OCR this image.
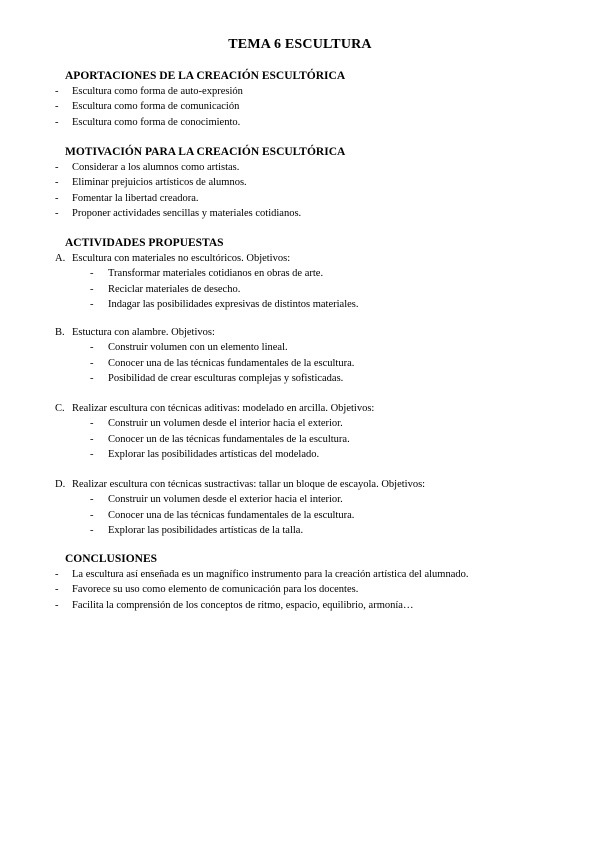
TEMA 6 ESCULTURA
APORTACIONES DE LA CREACIÓN ESCULTÓRICA
- Escultura como forma de auto-expresión
- Escultura como forma de comunicación
- Escultura como forma de conocimiento.
MOTIVACIÓN PARA LA CREACIÓN ESCULTÓRICA
- Considerar a los alumnos como artistas.
- Eliminar prejuicios artísticos de alumnos.
- Fomentar la libertad creadora.
- Proponer actividades sencillas y materiales cotidianos.
ACTIVIDADES PROPUESTAS
A. Escultura con materiales no escultóricos. Objetivos:
- Transformar materiales cotidianos en obras de arte.
- Reciclar materiales de desecho.
- Indagar las posibilidades expresivas de distintos materiales.
B. Estuctura con alambre. Objetivos:
- Construir volumen con un elemento lineal.
- Conocer una de las técnicas fundamentales de la escultura.
- Posibilidad de crear esculturas complejas y sofisticadas.
C. Realizar escultura con técnicas aditivas: modelado en arcilla. Objetivos:
- Construir un volumen desde el interior hacia el exterior.
- Conocer un de las técnicas fundamentales de la escultura.
- Explorar las posibilidades artísticas del modelado.
D. Realizar escultura con técnicas sustractivas: tallar un bloque de escayola. Objetivos:
- Construir un volumen desde el exterior hacia el interior.
- Conocer una de las técnicas fundamentales de la escultura.
- Explorar las posibilidades artísticas de la talla.
CONCLUSIONES
- La escultura así enseñada es un magnífico instrumento para la creación artística del alumnado.
- Favorece su uso como elemento de comunicación para los docentes.
- Facilita la comprensión de los conceptos de ritmo, espacio, equilibrio, armonía…
